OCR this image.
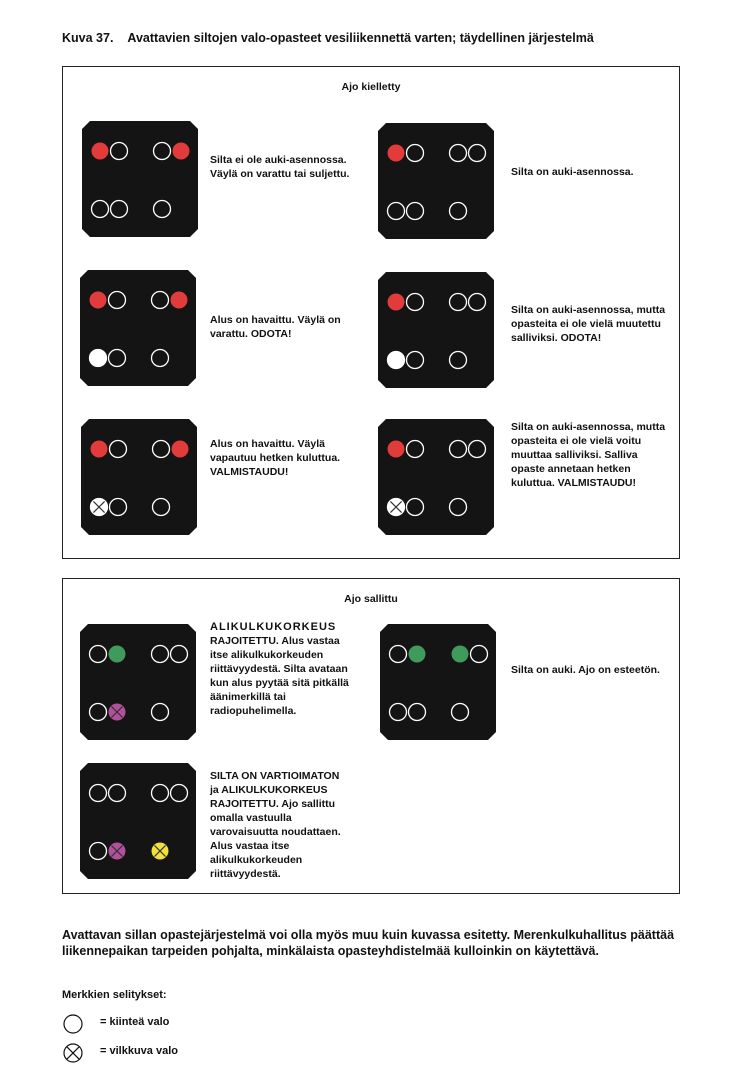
Kuva 37. Avattavien siltojen valo-opasteet vesiliikennettä varten; täydellinen järjestelmä
Ajo kielletty
Silta ei ole auki-asennossa. Väylä on varattu tai suljettu.	Silta on auki-asennossa.
Alus on havaittu. Väylä on varattu. ODOTA!
Silta on auki-asennossa, mutta opasteita ei ole vielä muutettu salliviksi. ODOTA!
Alus on havaittu. Väylä vapautuu hetken kuluttua. VALMISTAUDU!
Silta on auki-asennossa, mutta opasteita ei ole vielä voitu muuttaa salliviksi. Salliva opaste annetaan hetken kuluttua. VALMISTAUDU!
Ajo sallittu
ALIKULKUKORKEUS
RAJOITETTU. Alus vastaa itse alikulkukorkeuden riittävyydestä. Silta avataan kun alus pyytää sitä pitkällä äänimerkillä tai radiopuhelimella.
Silta on auki. Ajo on esteetön.
SILTA ON VARTIOIMATON ja ALIKULKUKORKEUS RAJOITETTU. Ajo sallittu omalla vastuulla varovaisuutta noudattaen. Alus vastaa itse alikulkukorkeuden riittävyydestä.
Avattavan sillan opastejärjestelmä voi olla myös muu kuin kuvassa esitetty. Merenkulkuhallitus päättää liikennepaikan tarpeiden pohjalta, minkälaista opasteyhdistelmää kulloinkin on käytettävä.
Merkkien selitykset:
= kiinteä valo
= vilkkuva valo
